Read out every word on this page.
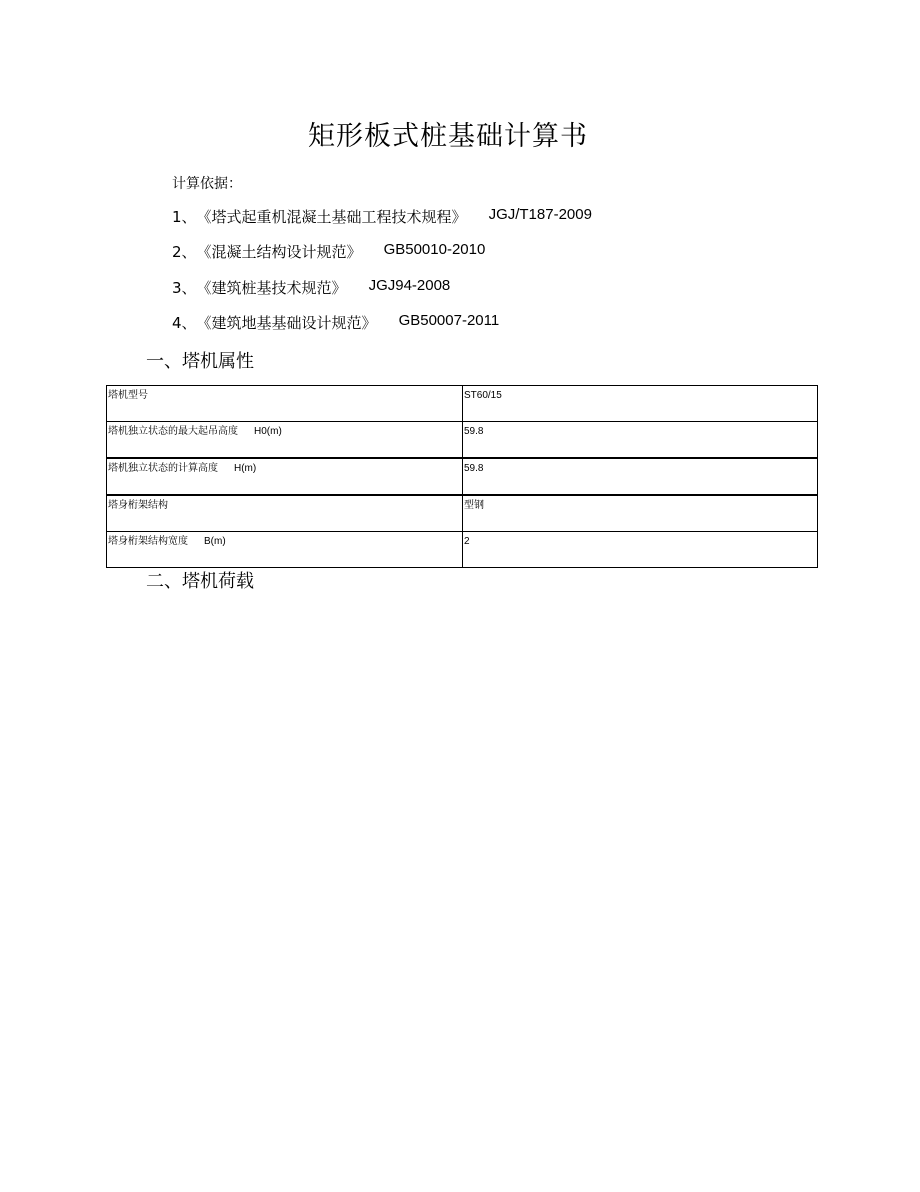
矩形板式桩基础计算书
计算依据：
1、 《塔式起重机混凝土基础工程技术规程》 JGJ/T187-2009
2、 《混凝土结构设计规范》 GB50010-2010
3、 《建筑桩基技术规范》 JGJ94-2008
4、 《建筑地基基础设计规范》 GB50007-2011
一、塔机属性
塔机型号	ST60/15
塔机独立状态的最大起吊高度 H0(m)	59.8
塔机独立状态的计算高度 H(m)	59.8
塔身桁架结构	型钢
塔身桁架结构宽度 B(m)	2
二、塔机荷载
